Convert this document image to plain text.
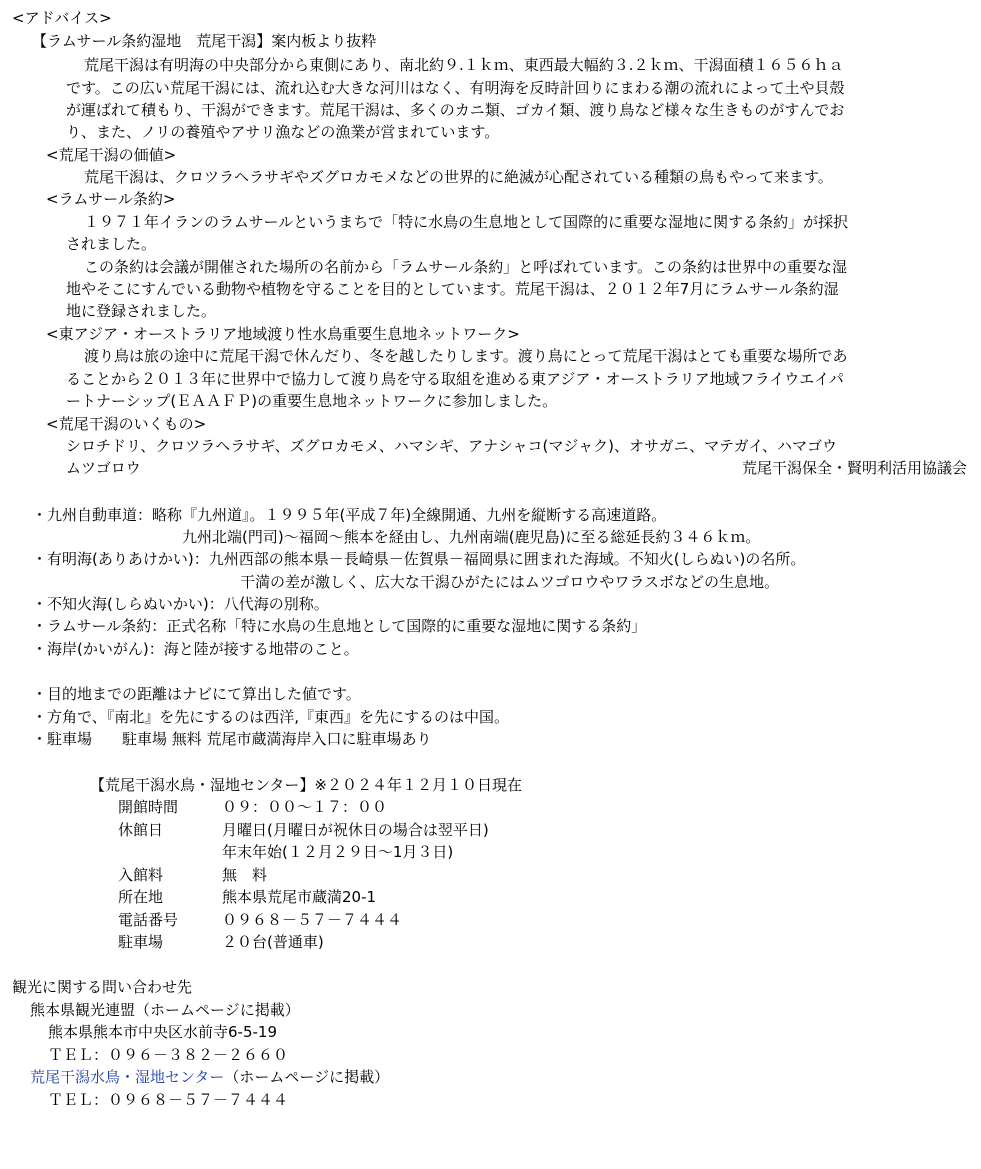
<アドバイス>
【ラムサール条約湿地　荒尾干潟】案内板より抜粋
荒尾干潟は有明海の中央部分から東側にあり、南北約９.１ｋｍ、東西最大幅約３.２ｋｍ、干潟面積１６５６ｈａ
です。この広い荒尾干潟には、流れ込む大きな河川はなく、有明海を反時計回りにまわる潮の流れによって土や貝殻
が運ばれて積もり、干潟ができます。荒尾干潟は、多くのカニ類、ゴカイ類、渡り鳥など様々な生きものがすんでお
り、また、ノリの養殖やアサリ漁などの漁業が営まれています。
<荒尾干潟の価値>
荒尾干潟は、クロツラヘラサギやズグロカモメなどの世界的に絶滅が心配されている種類の鳥もやって来ます。
<ラムサール条約>
１９７１年イランのラムサールというまちで「特に水鳥の生息地として国際的に重要な湿地に関する条約」が採択
されました。
この条約は会議が開催された場所の名前から「ラムサール条約」と呼ばれています。この条約は世界中の重要な湿
地やそこにすんでいる動物や植物を守ることを目的としています。荒尾干潟は、２０１２年7月にラムサール条約湿
地に登録されました。
<東アジア・オーストラリア地域渡り性水鳥重要生息地ネットワーク>
渡り鳥は旅の途中に荒尾干潟で休んだり、冬を越したりします。渡り鳥にとって荒尾干潟はとても重要な場所であ
ることから２０１３年に世界中で協力して渡り鳥を守る取組を進める東アジア・オーストラリア地域フライウエイパ
ートナーシップ(ＥＡＡＦＰ)の重要生息地ネットワークに参加しました。
<荒尾干潟のいくもの>
シロチドリ、クロツラヘラサギ、ズグロカモメ、ハマシギ、アナシャコ(マジャク)、オサガニ、マテガイ、ハマゴウ
ムツゴロウ	荒尾干潟保全・賢明利活用協議会
・九州自動車道：略称『九州道』。１９９５年(平成７年)全線開通、九州を縦断する高速道路。
九州北端(門司)～福岡～熊本を経由し、九州南端(鹿児島)に至る総延長約３４６ｋｍ。
・有明海(ありあけかい)：九州西部の熊本県－長崎県－佐賀県－福岡県に囲まれた海域。不知火(しらぬい)の名所。
干満の差が激しく、広大な干潟ひがたにはムツゴロウやワラスボなどの生息地。
・不知火海(しらぬいかい)：八代海の別称。
・ラムサール条約：正式名称「特に水鳥の生息地として国際的に重要な湿地に関する条約」
・海岸(かいがん)：海と陸が接する地帯のこと。
・目的地までの距離はナビにて算出した値です。
・方角で、『南北』を先にするのは西洋,『東西』を先にするのは中国。
・駐車場　　駐車場 無料 荒尾市蔵満海岸入口に駐車場あり
【荒尾干潟水鳥・湿地センター】※２０２４年１２月１０日現在
開館時間	０９：００～１７：００
休館日	月曜日(月曜日が祝休日の場合は翌平日)
年末年始(１２月２９日～1月３日)
入館料	無　料
所在地	熊本県荒尾市蔵満20-1
電話番号	０９６８－５７－７４４４
駐車場	２０台(普通車)
観光に関する問い合わせ先
熊本県観光連盟（ホームページに掲載）
熊本県熊本市中央区水前寺6-5-19
ＴＥＬ：０９６－３８２－２６６０
荒尾干潟水鳥・湿地センター（ホームページに掲載）
ＴＥＬ：０９６８－５７－７４４４
